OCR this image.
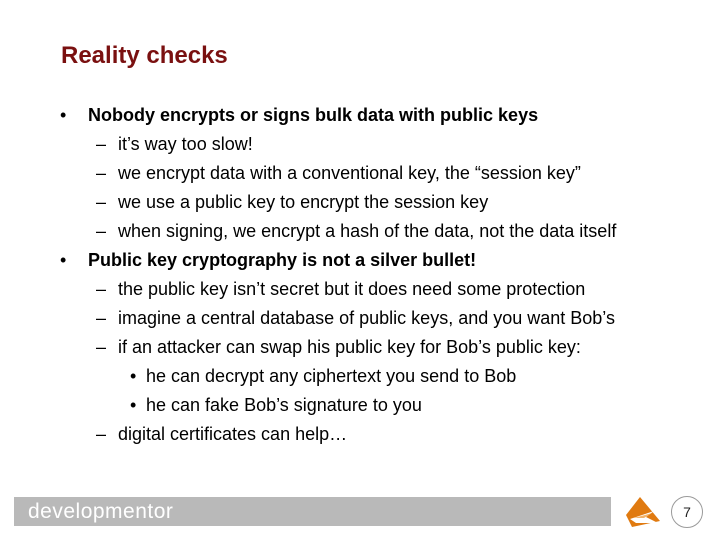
Reality checks
• Nobody encrypts or signs bulk data with public keys
– it’s way too slow!
– we encrypt data with a conventional key, the “session key”
– we use a public key to encrypt the session key
– when signing, we encrypt a hash of the data, not the data itself
• Public key cryptography is not a silver bullet!
– the public key isn’t secret but it does need some protection
– imagine a central database of public keys, and you want Bob’s
– if an attacker can swap his public key for Bob’s public key:
• he can decrypt any ciphertext you send to Bob
• he can fake Bob’s signature to you
– digital certificates can help…
developmentor	7
